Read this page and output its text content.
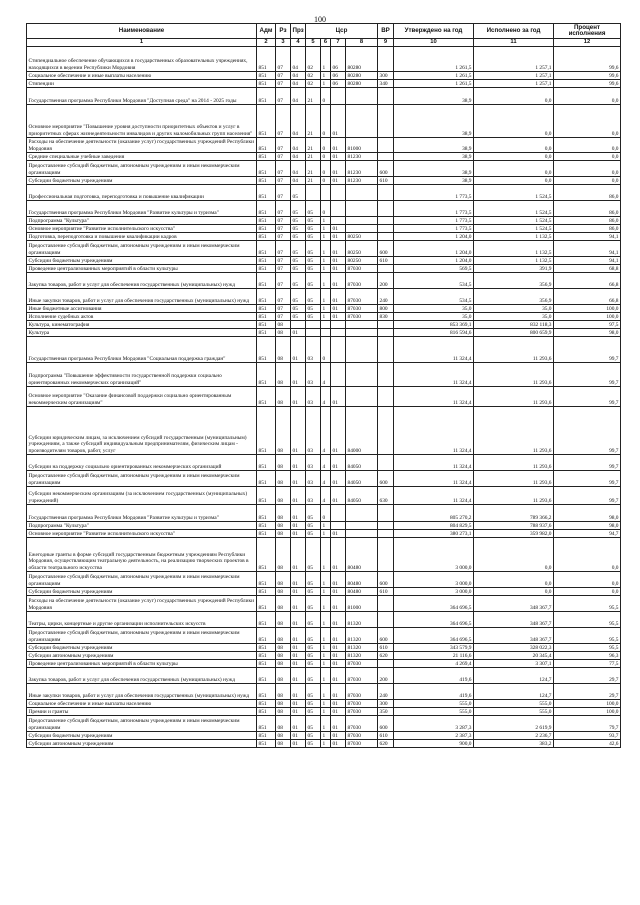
100
Наименование	Адм	Рз	Прз	Цср				ВР	Утверждено на год	Исполнено за год	Процент исполнения
1	2	3	4	5	6	7	8	9	10	11	12
Стипендиальное обеспечение обучающихся в государственных образовательных учреждениях, находящихся в ведении Республики Мордовия	851	07	04	02	1	06	80280		1 261,5	1 257,1	99,6
Социальное обеспечение и иные выплаты населению	851	07	04	02	1	06	80280	300	1 261,5	1 257,1	99,6
Стипендии	851	07	04	02	1	06	80280	340	1 261,5	1 257,1	99,6
Государственная программа Республики Мордовия "Доступная среда" на 2014 - 2025 годы	851	07	04	21	0				38,9	0,0	0,0
Основное мероприятие "Повышение уровня доступности приоритетных объектов и услуг в приоритетных сферах жизнедеятельности инвалидов и других маломобильных групп населения"	851	07	04	21	0	01			38,9	0,0	0,0
Расходы на обеспечение деятельности (оказание услуг) государственных учреждений Республики Мордовия	851	07	04	21	0	01	81000		38,9	0,0	0,0
Средние специальные учебные заведения	851	07	04	21	0	01	81230		38,9	0,0	0,0
Предоставление субсидий бюджетным, автономным учреждениям и иным некоммерческим организациям	851	07	04	21	0	01	81230	600	38,9	0,0	0,0
Субсидии бюджетным учреждениям	851	07	04	21	0	01	81230	610	38,9	0,0	0,0
Профессиональная подготовка, переподготовка и повышение квалификации	851	07	05						1 773,5	1 524,5	86,0
Государственная программа Республики Мордовия "Развитие культуры и туризма"	851	07	05	05	0				1 773,5	1 524,5	86,0
Подпрограмма "Культура"	851	07	05	05	1				1 773,5	1 524,5	86,0
Основное мероприятие "Развитие исполнительского искусства"	851	07	05	05	1	01			1 773,5	1 524,5	86,0
Подготовка, переподготовка и повышение квалификации кадров	851	07	05	05	1	01	80250		1 204,0	1 132,5	94,1
Предоставление субсидий бюджетным, автономным учреждениям и иным некоммерческим организациям	851	07	05	05	1	01	80250	600	1 204,0	1 132,5	94,1
Субсидии бюджетным учреждениям	851	07	05	05	1	01	80250	610	1 204,0	1 132,5	94,1
Проведение централизованных мероприятий в области культуры	851	07	05	05	1	01	87030		569,5	391,9	68,8
Закупка товаров, работ и услуг для обеспечения государственных (муниципальных) нужд	851	07	05	05	1	01	87030	200	534,5	356,9	66,8
Иные закупки товаров, работ и услуг для обеспечения государственных (муниципальных) нужд	851	07	05	05	1	01	87030	240	534,5	356,9	66,8
Иные бюджетные ассигнования	851	07	05	05	1	01	87030	800	35,0	35,0	100,0
Исполнение судебных актов	851	07	05	05	1	01	87030	830	35,0	35,0	100,0
Культура, кинематография	851	08							853 369,1	832 118,3	97,5
Культура	851	08	01						816 594,6	800 659,9	98,0
Государственная программа Республики Мордовия "Социальная поддержка граждан"	851	08	01	03	0				11 324,4	11 293,6	99,7
Подпрограмма "Повышение эффективности государственной поддержки социально ориентированных некоммерческих организаций"	851	08	01	03	4				11 324,4	11 293,6	99,7
Основное мероприятие "Оказание финансовой поддержки социально ориентированным некоммерческим организациям"	851	08	01	03	4	01			11 324,4	11 293,6	99,7
Субсидии юридическим лицам, за исключением субсидий государственным (муниципальным) учреждениям, а также субсидий индивидуальным предпринимателям, физическим лицам - производителям товаров, работ, услуг	851	08	01	03	4	01	84000		11 324,4	11 293,6	99,7
Субсидии на поддержку социально ориентированных некоммерческих организаций	851	08	01	03	4	01	84050		11 324,4	11 293,6	99,7
Предоставление субсидий бюджетным, автономным учреждениям и иным некоммерческим организациям	851	08	01	03	4	01	84050	600	11 324,4	11 293,6	99,7
Субсидии некоммерческим организациям (за исключением государственных (муниципальных) учреждений)	851	08	01	03	4	01	84050	630	11 324,4	11 293,6	99,7
Государственная программа Республики Мордовия "Развитие культуры и туризма"	851	08	01	05	0				805 270,2	789 366,2	98,0
Подпрограмма "Культура"	851	08	01	05	1				804 829,5	788 937,6	98,0
Основное мероприятие "Развитие исполнительского искусства"	851	08	01	05	1	01			380 273,1	359 982,0	94,7
Ежегодные гранты в форме субсидий государственным бюджетным учреждениям Республики Мордовия, осуществляющим театральную деятельность, на реализацию творческих проектов в области театрального искусства	851	08	01	05	1	01	80480		3 000,0	0,0	0,0
Предоставление субсидий бюджетным, автономным учреждениям и иным некоммерческим организациям	851	08	01	05	1	01	80480	600	3 000,0	0,0	0,0
Субсидии бюджетным учреждениям	851	08	01	05	1	01	80480	610	3 000,0	0,0	0,0
Расходы на обеспечение деятельности (оказание услуг) государственных учреждений Республики Мордовия	851	08	01	05	1	01	81000		364 696,5	348 367,7	95,5
Театры, цирки, концертные и другие организации исполнительских искусств	851	08	01	05	1	01	81320		364 696,5	348 367,7	95,5
Предоставление субсидий бюджетным, автономным учреждениям и иным некоммерческим организациям	851	08	01	05	1	01	81320	600	364 696,5	348 367,7	95,5
Субсидии бюджетным учреждениям	851	08	01	05	1	01	81320	610	343 579,9	328 022,3	95,5
Субсидии автономным учреждениям	851	08	01	05	1	01	81320	620	21 116,6	20 345,4	96,3
Проведение централизованных мероприятий в области культуры	851	08	01	05	1	01	87030		4 269,4	3 307,1	77,5
Закупка товаров, работ и услуг для обеспечения государственных (муниципальных) нужд	851	08	01	05	1	01	87030	200	419,6	124,7	29,7
Иные закупки товаров, работ и услуг для обеспечения государственных (муниципальных) нужд	851	08	01	05	1	01	87030	240	419,6	124,7	29,7
Социальное обеспечение и иные выплаты населению	851	08	01	05	1	01	87030	300	555,0	555,0	100,0
Премии и гранты	851	08	01	05	1	01	87030	350	555,0	555,0	100,0
Предоставление субсидий бюджетным, автономным учреждениям и иным некоммерческим организациям	851	08	01	05	1	01	87030	600	3 287,3	2 619,9	79,7
Субсидии бюджетным учреждениям	851	08	01	05	1	01	87030	610	2 387,3	2 236,7	93,7
Субсидии автономным учреждениям	851	08	01	05	1	01	87030	620	900,0	383,2	42,6
